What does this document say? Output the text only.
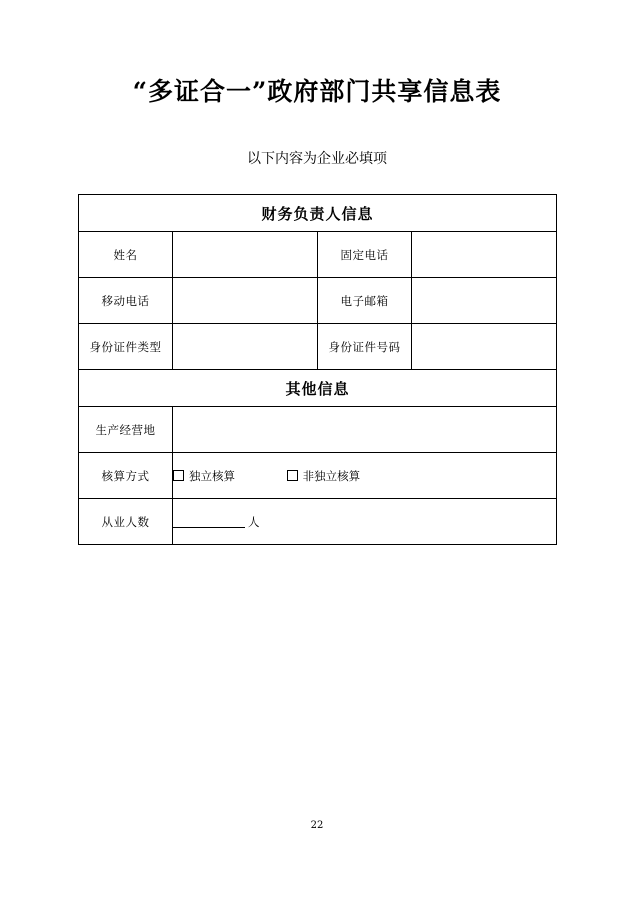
“多证合一”政府部门共享信息表
以下内容为企业必填项
财务负责人信息			
姓名		固定电话	
移动电话		电子邮箱	
身份证件类型		身份证件号码	
其他信息			
生产经营地			
核算方式	独立核算 非独立核算		
从业人数	人		
22
